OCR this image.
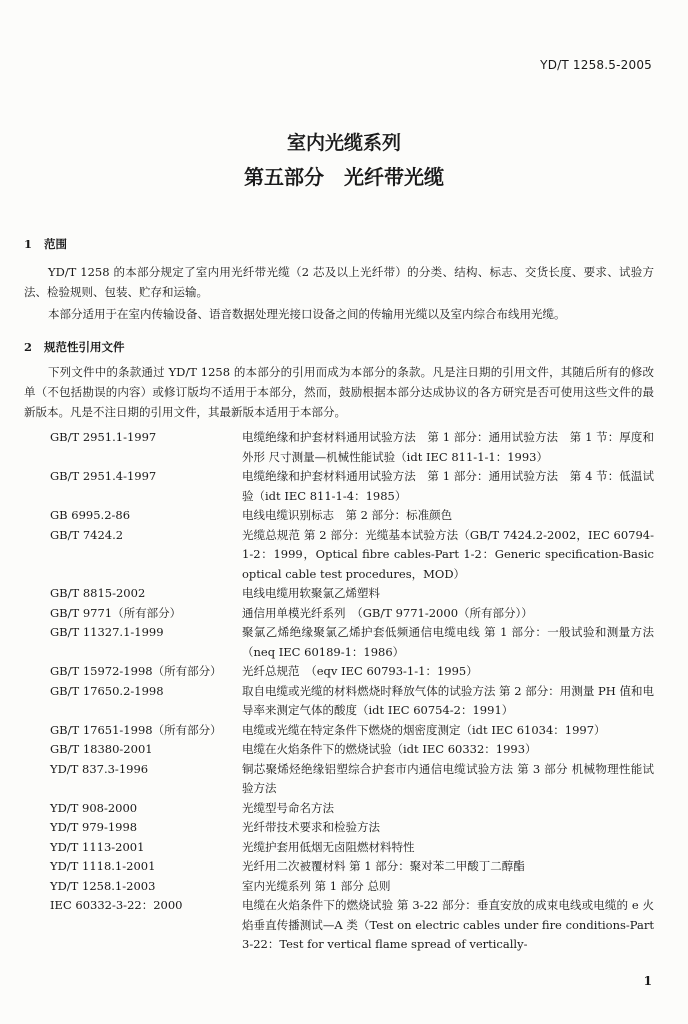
YD/T 1258.5-2005
室内光缆系列
第五部分　光纤带光缆
1 范围

YD/T 1258 的本部分规定了室内用光纤带光缆（2 芯及以上光纤带）的分类、结构、标志、交货长度、要求、试验方法、检验规则、包装、贮存和运输。

本部分适用于在室内传输设备、语音数据处理光接口设备之间的传输用光缆以及室内综合布线用光缆。

2 规范性引用文件

下列文件中的条款通过 YD/T 1258 的本部分的引用而成为本部分的条款。凡是注日期的引用文件，其随后所有的修改单（不包括勘误的内容）或修订版均不适用于本部分，然而，鼓励根据本部分达成协议的各方研究是否可使用这些文件的最新版本。凡是不注日期的引用文件，其最新版本适用于本部分。

GB/T 2951.1-1997	电缆绝缘和护套材料通用试验方法　第 1 部分：通用试验方法　第 1 节：厚度和外形 尺寸测量—机械性能试验（idt IEC 811-1-1：1993）
GB/T 2951.4-1997	电缆绝缘和护套材料通用试验方法　第 1 部分：通用试验方法　第 4 节：低温试验（idt IEC 811-1-4：1985）
GB 6995.2-86	电线电缆识别标志　第 2 部分：标准颜色
GB/T 7424.2	光缆总规范 第 2 部分：光缆基本试验方法（GB/T 7424.2-2002，IEC 60794-1-2：1999，Optical fibre cables-Part 1-2：Generic specification-Basic optical cable test procedures，MOD）
GB/T 8815-2002	电线电缆用软聚氯乙烯塑料
GB/T 9771（所有部分）	通信用单模光纤系列　（GB/T 9771-2000（所有部分））
GB/T 11327.1-1999	聚氯乙烯绝缘聚氯乙烯护套低频通信电缆电线 第 1 部分：一般试验和测量方法（neq IEC 60189-1：1986）
GB/T 15972-1998（所有部分）	光纤总规范　（eqv IEC 60793-1-1：1995）
GB/T 17650.2-1998	取自电缆或光缆的材料燃烧时释放气体的试验方法 第 2 部分：用测量 PH 值和电导率来测定气体的酸度（idt IEC 60754-2：1991）
GB/T 17651-1998（所有部分）	电缆或光缆在特定条件下燃烧的烟密度测定（idt IEC 61034：1997）
GB/T 18380-2001	电缆在火焰条件下的燃烧试验（idt IEC 60332：1993）
YD/T 837.3-1996	铜芯聚烯烃绝缘铝塑综合护套市内通信电缆试验方法 第 3 部分 机械物理性能试验方法
YD/T 908-2000	光缆型号命名方法
YD/T 979-1998	光纤带技术要求和检验方法
YD/T 1113-2001	光缆护套用低烟无卤阻燃材料特性
YD/T 1118.1-2001	光纤用二次被覆材料 第 1 部分：聚对苯二甲酸丁二醇酯
YD/T 1258.1-2003	室内光缆系列 第 1 部分 总则
IEC 60332-3-22：2000	电缆在火焰条件下的燃烧试验 第 3-22 部分：垂直安放的成束电线或电缆的 e 火焰垂直传播测试—A 类（Test on electric cables under fire conditions-Part 3-22：Test for vertical flame spread of vertically-
1
